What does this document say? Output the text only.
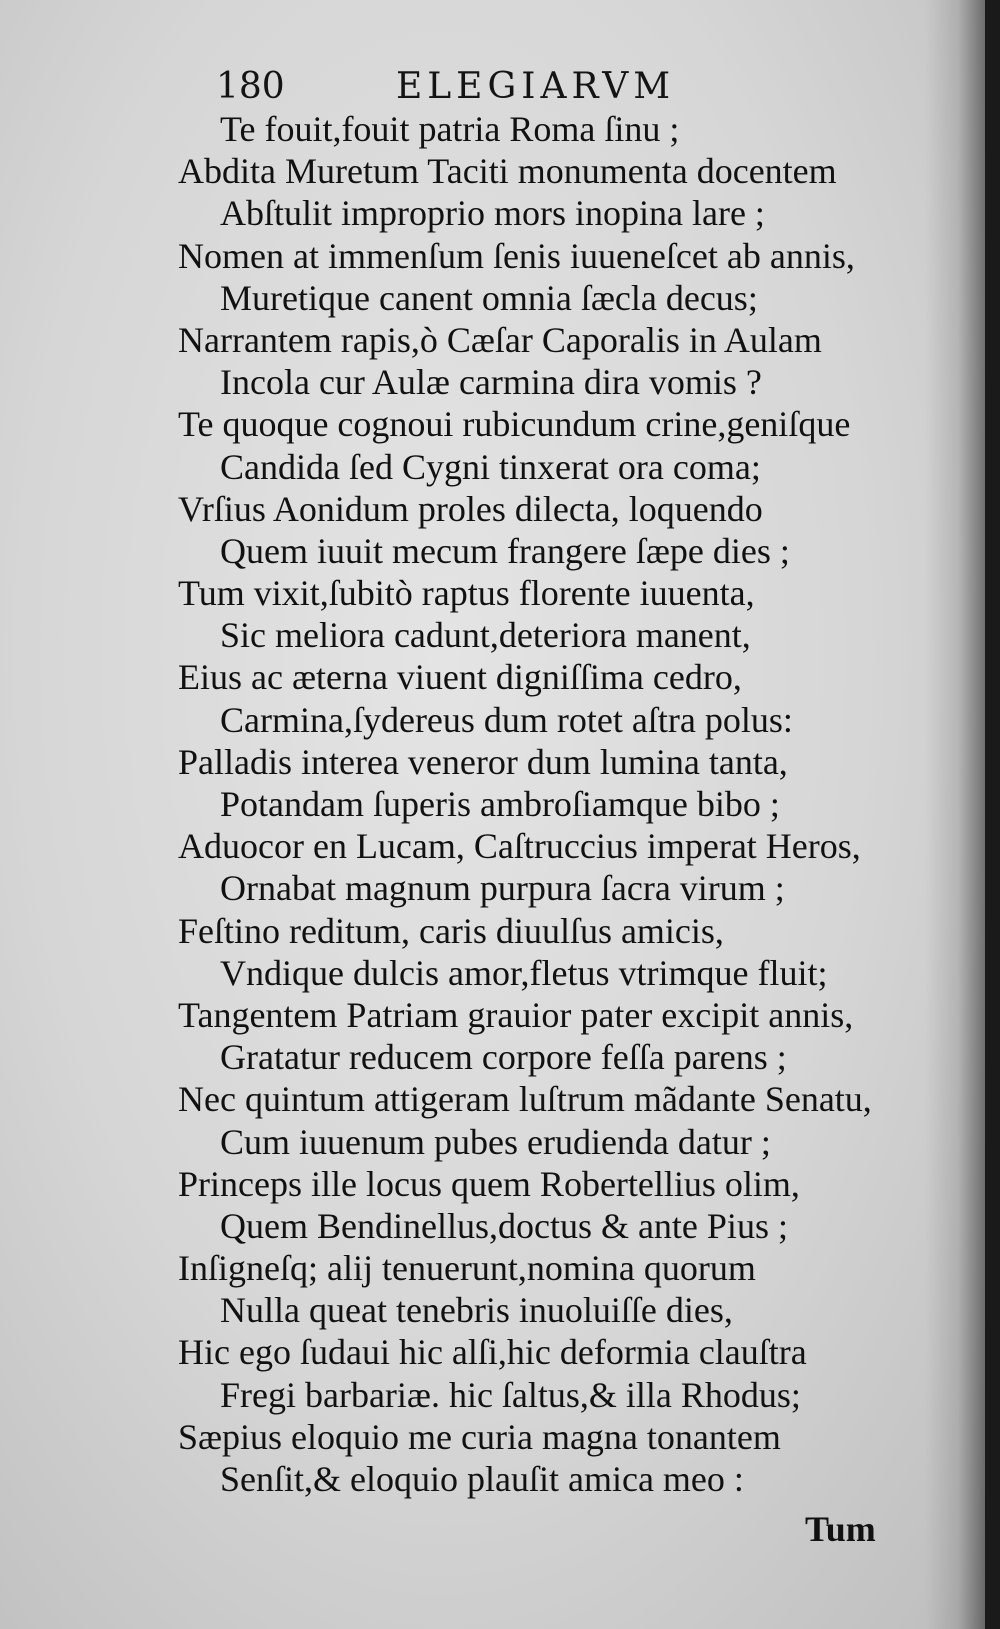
180	ELEGIARVM
Te fouit,fouit patria Roma ſinu ;
Abdita Muretum Taciti monumenta docentem
Abſtulit improprio mors inopina lare ;
Nomen at immenſum ſenis iuueneſcet ab annis,
Muretique canent omnia ſæcla decus;
Narrantem rapis,ò Cæſar Caporalis in Aulam
Incola cur Aulæ carmina dira vomis ?
Te quoque cognoui rubicundum crine,geniſque
Candida ſed Cygni tinxerat ora coma;
Vrſius Aonidum proles dilecta, loquendo
Quem iuuit mecum frangere ſæpe dies ;
Tum vixit,ſubitò raptus florente iuuenta,
Sic meliora cadunt,deteriora manent,
Eius ac æterna viuent digniſſima cedro,
Carmina,ſydereus dum rotet aſtra polus:
Palladis interea veneror dum lumina tanta,
Potandam ſuperis ambroſiamque bibo ;
Aduocor en Lucam, Caſtruccius imperat Heros,
Ornabat magnum purpura ſacra virum ;
Feſtino reditum, caris diuulſus amicis,
Vndique dulcis amor,fletus vtrimque fluit;
Tangentem Patriam grauior pater excipit annis,
Gratatur reducem corpore feſſa parens ;
Nec quintum attigeram luſtrum mãdante Senatu,
Cum iuuenum pubes erudienda datur ;
Princeps ille locus quem Robertellius olim,
Quem Bendinellus,doctus & ante Pius ;
Inſigneſq; alij tenuerunt,nomina quorum
Nulla queat tenebris inuoluiſſe dies,
Hic ego ſudaui hic alſi,hic deformia clauſtra
Fregi barbariæ. hic ſaltus,& illa Rhodus;
Sæpius eloquio me curia magna tonantem
Senſit,& eloquio plauſit amica meo :
Tum
